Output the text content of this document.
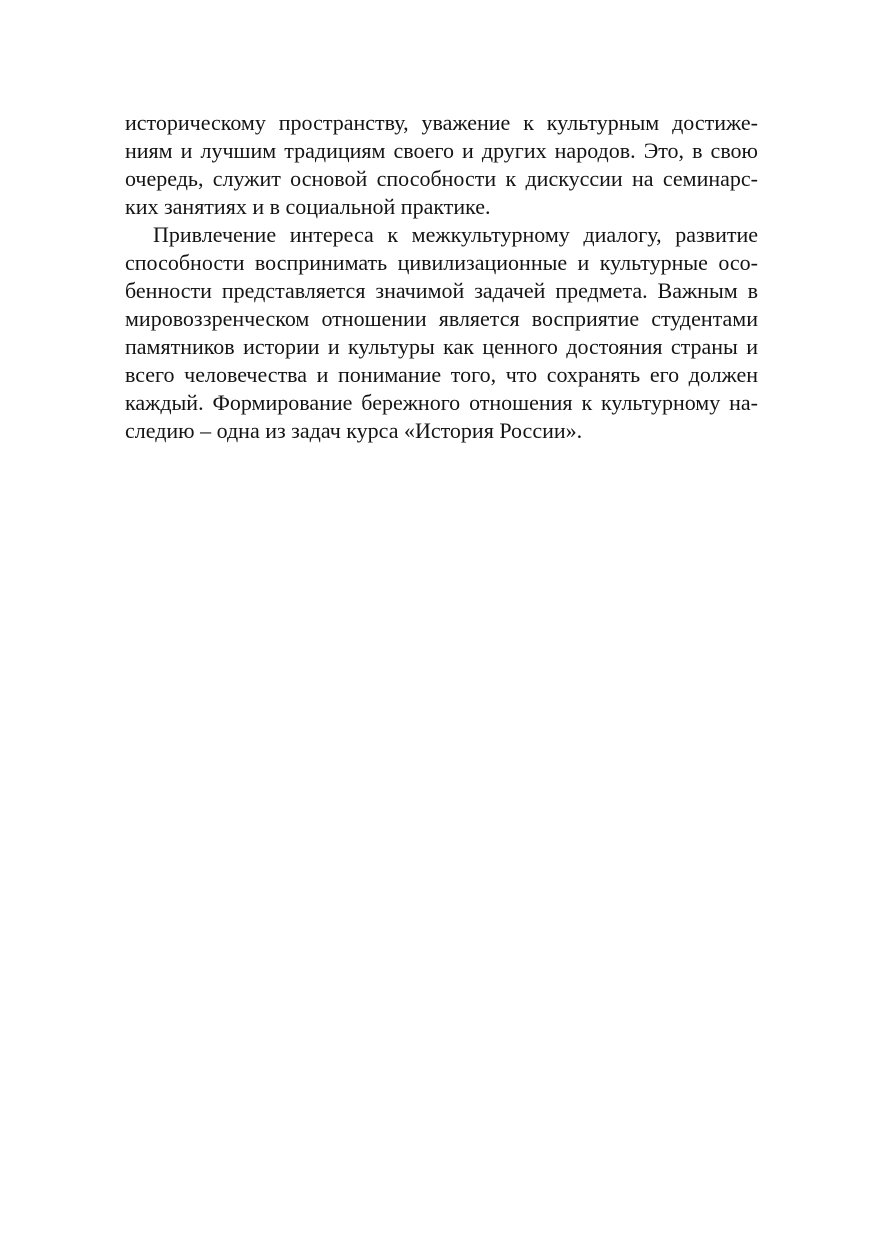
историческому пространству, уважение к культурным достиже-
ниям и лучшим традициям своего и других народов. Это, в свою
очередь, служит основой способности к дискуссии на семинарс-
ких занятиях и в социальной практике.
Привлечение интереса к межкультурному диалогу, развитие
способности воспринимать цивилизационные и культурные осо-
бенности представляется значимой задачей предмета. Важным в
мировоззренческом отношении является восприятие студентами
памятников истории и культуры как ценного достояния страны и
всего человечества и понимание того, что сохранять его должен
каждый. Формирование бережного отношения к культурному на-
следию – одна из задач курса «История России».
